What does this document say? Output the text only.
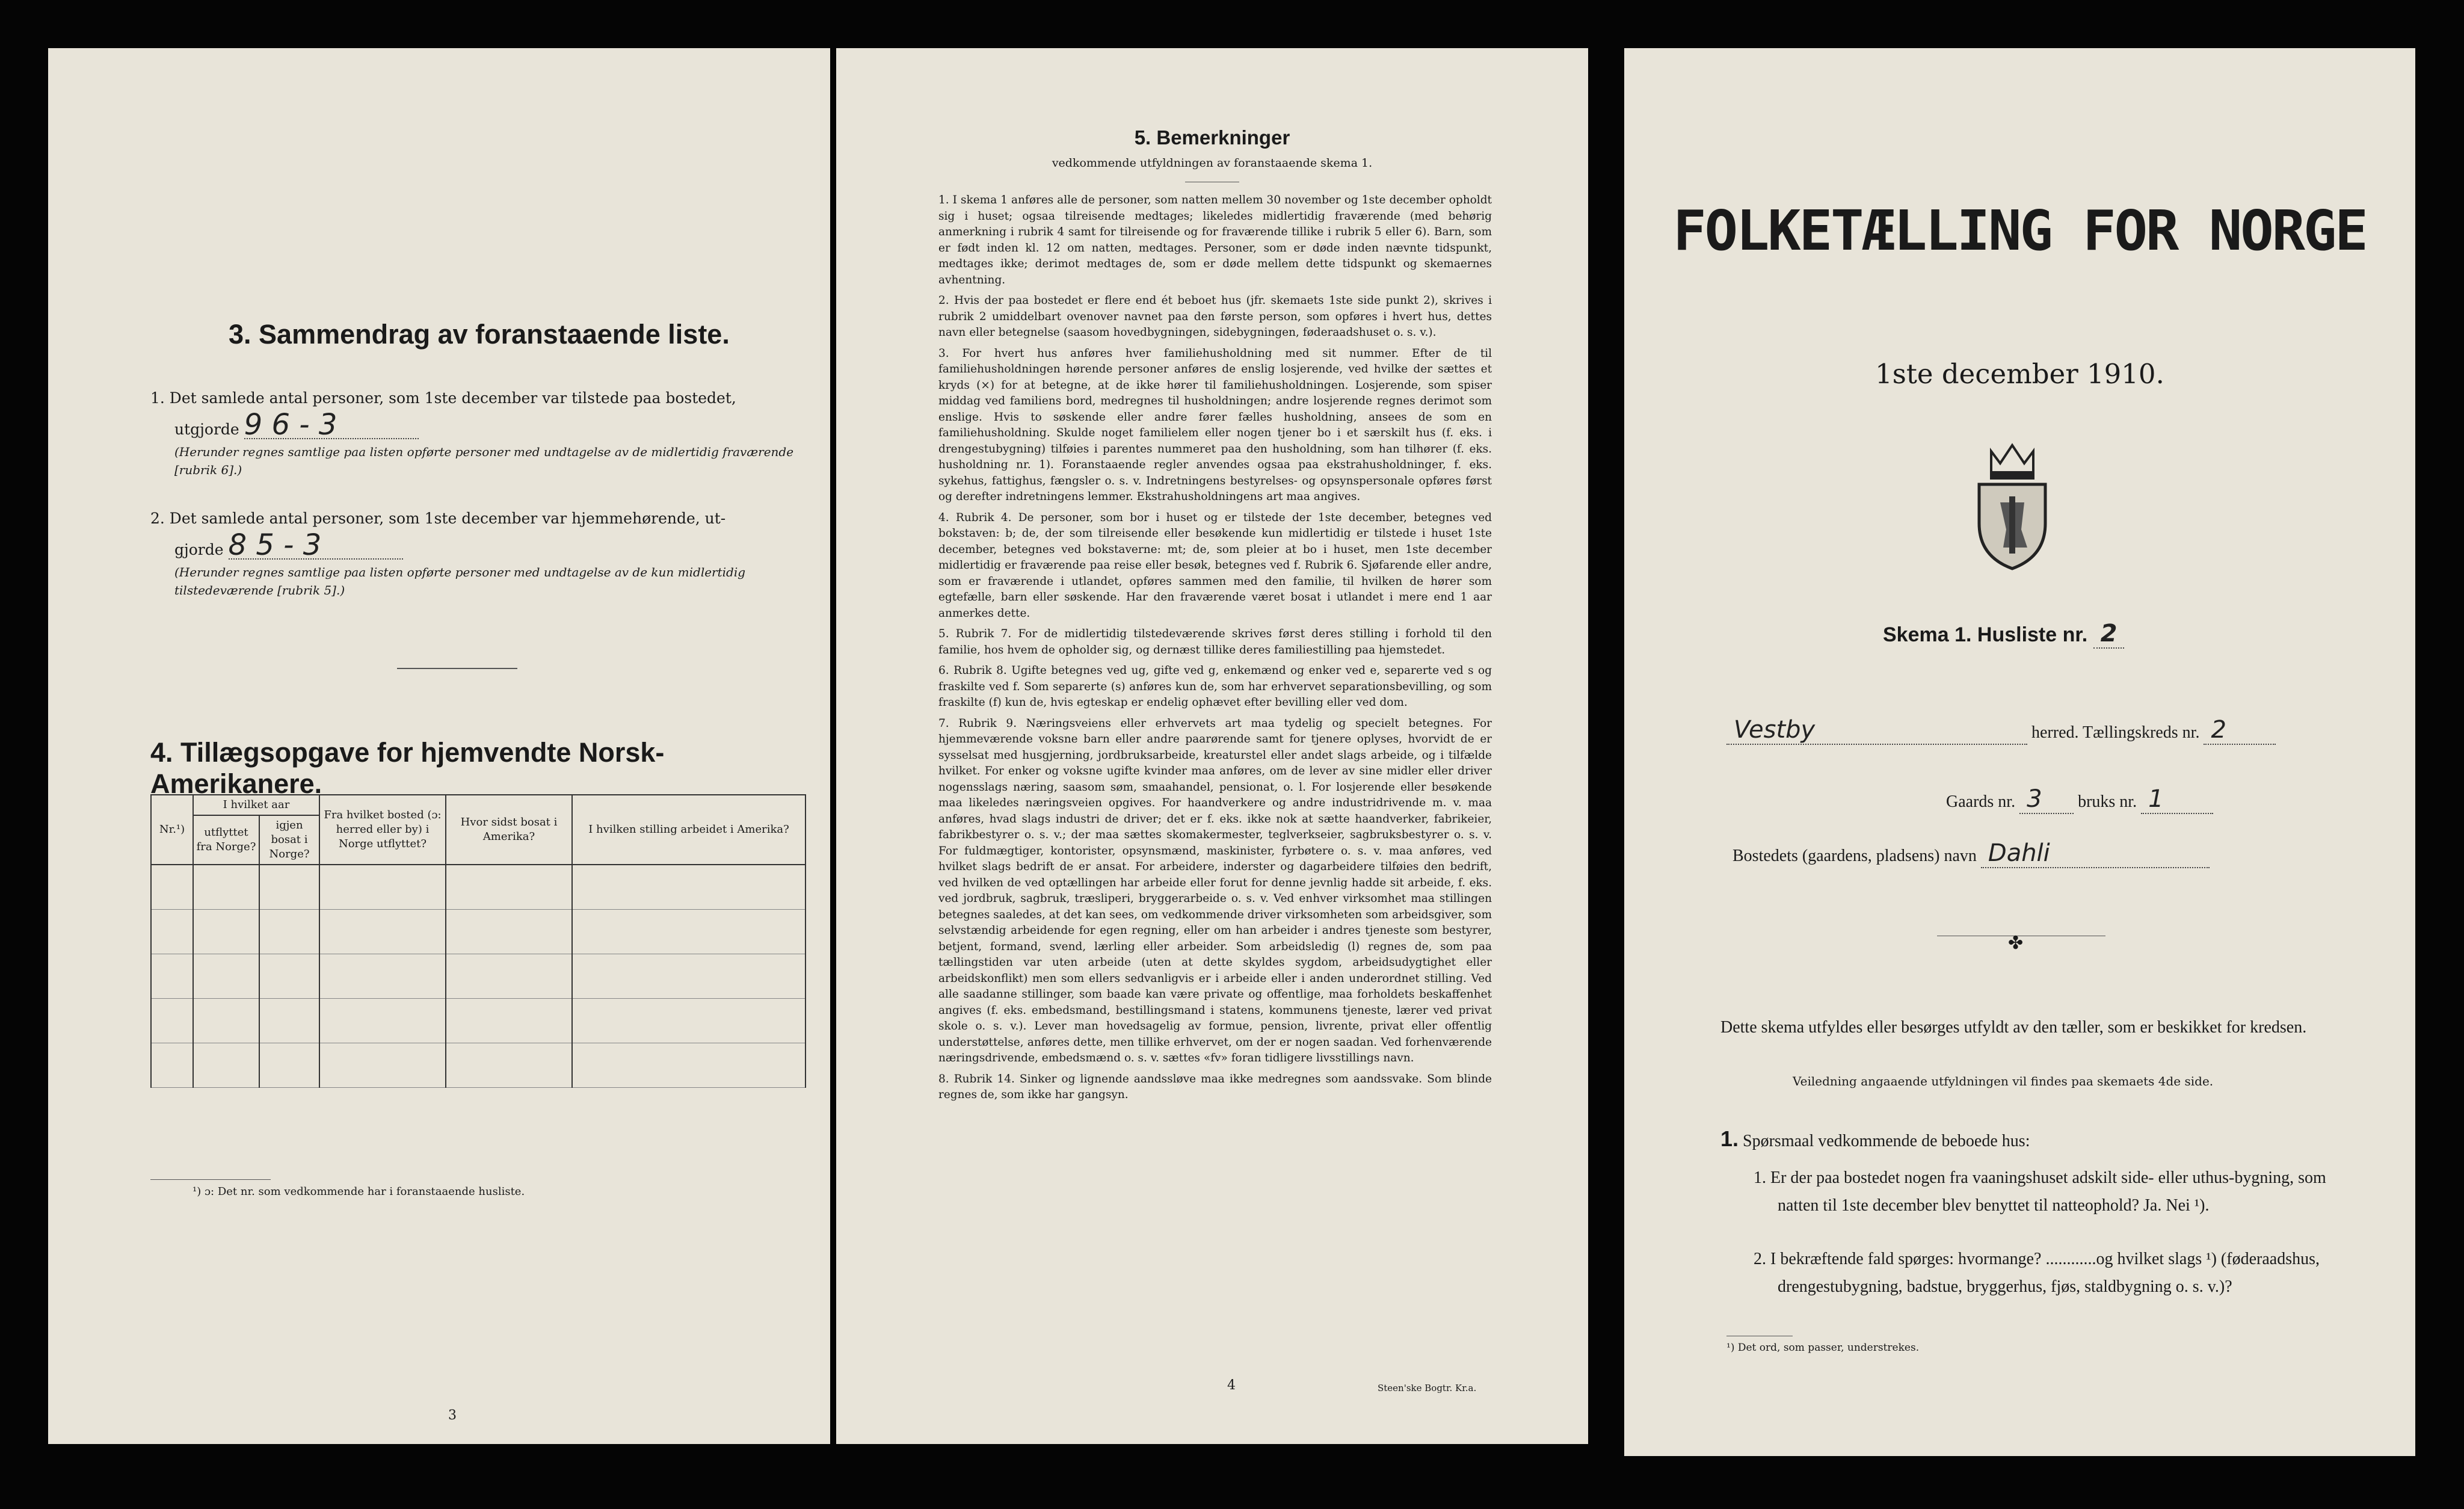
3. Sammendrag av foranstaaende liste.
1. Det samlede antal personer, som 1ste december var tilstede paa bostedet,
utgjorde 9 6 - 3
(Herunder regnes samtlige paa listen opførte personer med undtagelse av de midlertidig fraværende [rubrik 6].)
2. Det samlede antal personer, som 1ste december var hjemmehørende, ut-
gjorde 8 5 - 3
(Herunder regnes samtlige paa listen opførte personer med undtagelse av de kun midlertidig tilstedeværende [rubrik 5].)
4. Tillægsopgave for hjemvendte Norsk-Amerikanere.
Nr.¹)	I hvilket aar		Fra hvilket bosted (ɔ: herred eller by) i Norge utflyttet?	Hvor sidst bosat i Amerika?	I hvilken stilling arbeidet i Amerika?
	utflyttet fra Norge?	igjen bosat i Norge?			

¹) ɔ: Det nr. som vedkommende har i foranstaaende husliste.
3
5. Bemerkninger
vedkommende utfyldningen av foranstaaende skema 1.

1. I skema 1 anføres alle de personer, som natten mellem 30 november og 1ste december opholdt sig i huset; ogsaa tilreisende medtages; likeledes midlertidig fraværende (med behørig anmerkning i rubrik 4 samt for tilreisende og for fraværende tillike i rubrik 5 eller 6). Barn, som er født inden kl. 12 om natten, medtages. Personer, som er døde inden nævnte tidspunkt, medtages ikke; derimot medtages de, som er døde mellem dette tidspunkt og skemaernes avhentning.

2. Hvis der paa bostedet er flere end ét beboet hus (jfr. skemaets 1ste side punkt 2), skrives i rubrik 2 umiddelbart ovenover navnet paa den første person, som opføres i hvert hus, dettes navn eller betegnelse (saasom hovedbygningen, sidebygningen, føderaadshuset o. s. v.).

3. For hvert hus anføres hver familiehusholdning med sit nummer. Efter de til familiehusholdningen hørende personer anføres de enslig losjerende, ved hvilke der sættes et kryds (×) for at betegne, at de ikke hører til familiehusholdningen. Losjerende, som spiser middag ved familiens bord, medregnes til husholdningen; andre losjerende regnes derimot som enslige. Hvis to søskende eller andre fører fælles husholdning, ansees de som en familiehusholdning. Skulde noget familielem eller nogen tjener bo i et særskilt hus (f. eks. i drengestubygning) tilføies i parentes nummeret paa den husholdning, som han tilhører (f. eks. husholdning nr. 1). Foranstaaende regler anvendes ogsaa paa ekstrahusholdninger, f. eks. sykehus, fattighus, fængsler o. s. v. Indretningens bestyrelses- og opsynspersonale opføres først og derefter indretningens lemmer. Ekstrahusholdningens art maa angives.

4. Rubrik 4. De personer, som bor i huset og er tilstede der 1ste december, betegnes ved bokstaven: b; de, der som tilreisende eller besøkende kun midlertidig er tilstede i huset 1ste december, betegnes ved bokstaverne: mt; de, som pleier at bo i huset, men 1ste december midlertidig er fraværende paa reise eller besøk, betegnes ved f. Rubrik 6. Sjøfarende eller andre, som er fraværende i utlandet, opføres sammen med den familie, til hvilken de hører som egtefælle, barn eller søskende. Har den fraværende været bosat i utlandet i mere end 1 aar anmerkes dette.

5. Rubrik 7. For de midlertidig tilstedeværende skrives først deres stilling i forhold til den familie, hos hvem de opholder sig, og dernæst tillike deres familiestilling paa hjemstedet.

6. Rubrik 8. Ugifte betegnes ved ug, gifte ved g, enkemænd og enker ved e, separerte ved s og fraskilte ved f. Som separerte (s) anføres kun de, som har erhvervet separationsbevilling, og som fraskilte (f) kun de, hvis egteskap er endelig ophævet efter bevilling eller ved dom.

7. Rubrik 9. Næringsveiens eller erhvervets art maa tydelig og specielt betegnes. For hjemmeværende voksne barn eller andre paarørende samt for tjenere oplyses, hvorvidt de er sysselsat med husgjerning, jordbruksarbeide, kreaturstel eller andet slags arbeide, og i tilfælde hvilket. For enker og voksne ugifte kvinder maa anføres, om de lever av sine midler eller driver nogensslags næring, saasom søm, smaahandel, pensionat, o. l. For losjerende eller besøkende maa likeledes næringsveien opgives. For haandverkere og andre industridrivende m. v. maa anføres, hvad slags industri de driver; det er f. eks. ikke nok at sætte haandverker, fabrikeier, fabrikbestyrer o. s. v.; der maa sættes skomakermester, teglverkseier, sagbruksbestyrer o. s. v. For fuldmægtiger, kontorister, opsynsmænd, maskinister, fyrbøtere o. s. v. maa anføres, ved hvilket slags bedrift de er ansat. For arbeidere, inderster og dagarbeidere tilføies den bedrift, ved hvilken de ved optællingen har arbeide eller forut for denne jevnlig hadde sit arbeide, f. eks. ved jordbruk, sagbruk, træsliperi, bryggerarbeide o. s. v. Ved enhver virksomhet maa stillingen betegnes saaledes, at det kan sees, om vedkommende driver virksomheten som arbeidsgiver, som selvstændig arbeidende for egen regning, eller om han arbeider i andres tjeneste som bestyrer, betjent, formand, svend, lærling eller arbeider. Som arbeidsledig (l) regnes de, som paa tællingstiden var uten arbeide (uten at dette skyldes sygdom, arbeidsudygtighet eller arbeidskonflikt) men som ellers sedvanligvis er i arbeide eller i anden underordnet stilling. Ved alle saadanne stillinger, som baade kan være private og offentlige, maa forholdets beskaffenhet angives (f. eks. embedsmand, bestillingsmand i statens, kommunens tjeneste, lærer ved privat skole o. s. v.). Lever man hovedsagelig av formue, pension, livrente, privat eller offentlig understøttelse, anføres dette, men tillike erhvervet, om der er nogen saadan. Ved forhenværende næringsdrivende, embedsmænd o. s. v. sættes «fv» foran tidligere livsstillings navn.

8. Rubrik 14. Sinker og lignende aandssløve maa ikke medregnes som aandssvake. Som blinde regnes de, som ikke har gangsyn.

4	Steen'ske Bogtr. Kr.a.
FOLKETÆLLING FOR NORGE
1ste december 1910.
Skema 1. Husliste nr. 2
Vestby	herred. Tællingskreds nr. 2
Gaards nr. 3 bruks nr. 1
Bostedets (gaardens, pladsens) navn Dahli
✤
Dette skema utfyldes eller besørges utfyldt av den tæller, som er beskikket for kredsen.
Veiledning angaaende utfyldningen vil findes paa skemaets 4de side.
1. Spørsmaal vedkommende de beboede hus:
1. Er der paa bostedet nogen fra vaaningshuset adskilt side- eller uthus-bygning, som natten til 1ste december blev benyttet til natteophold? Ja. Nei ¹).
2. I bekræftende fald spørges: hvormange? ............og hvilket slags ¹) (føderaadshus, drengestubygning, badstue, bryggerhus, fjøs, staldbygning o. s. v.)?
¹) Det ord, som passer, understrekes.
